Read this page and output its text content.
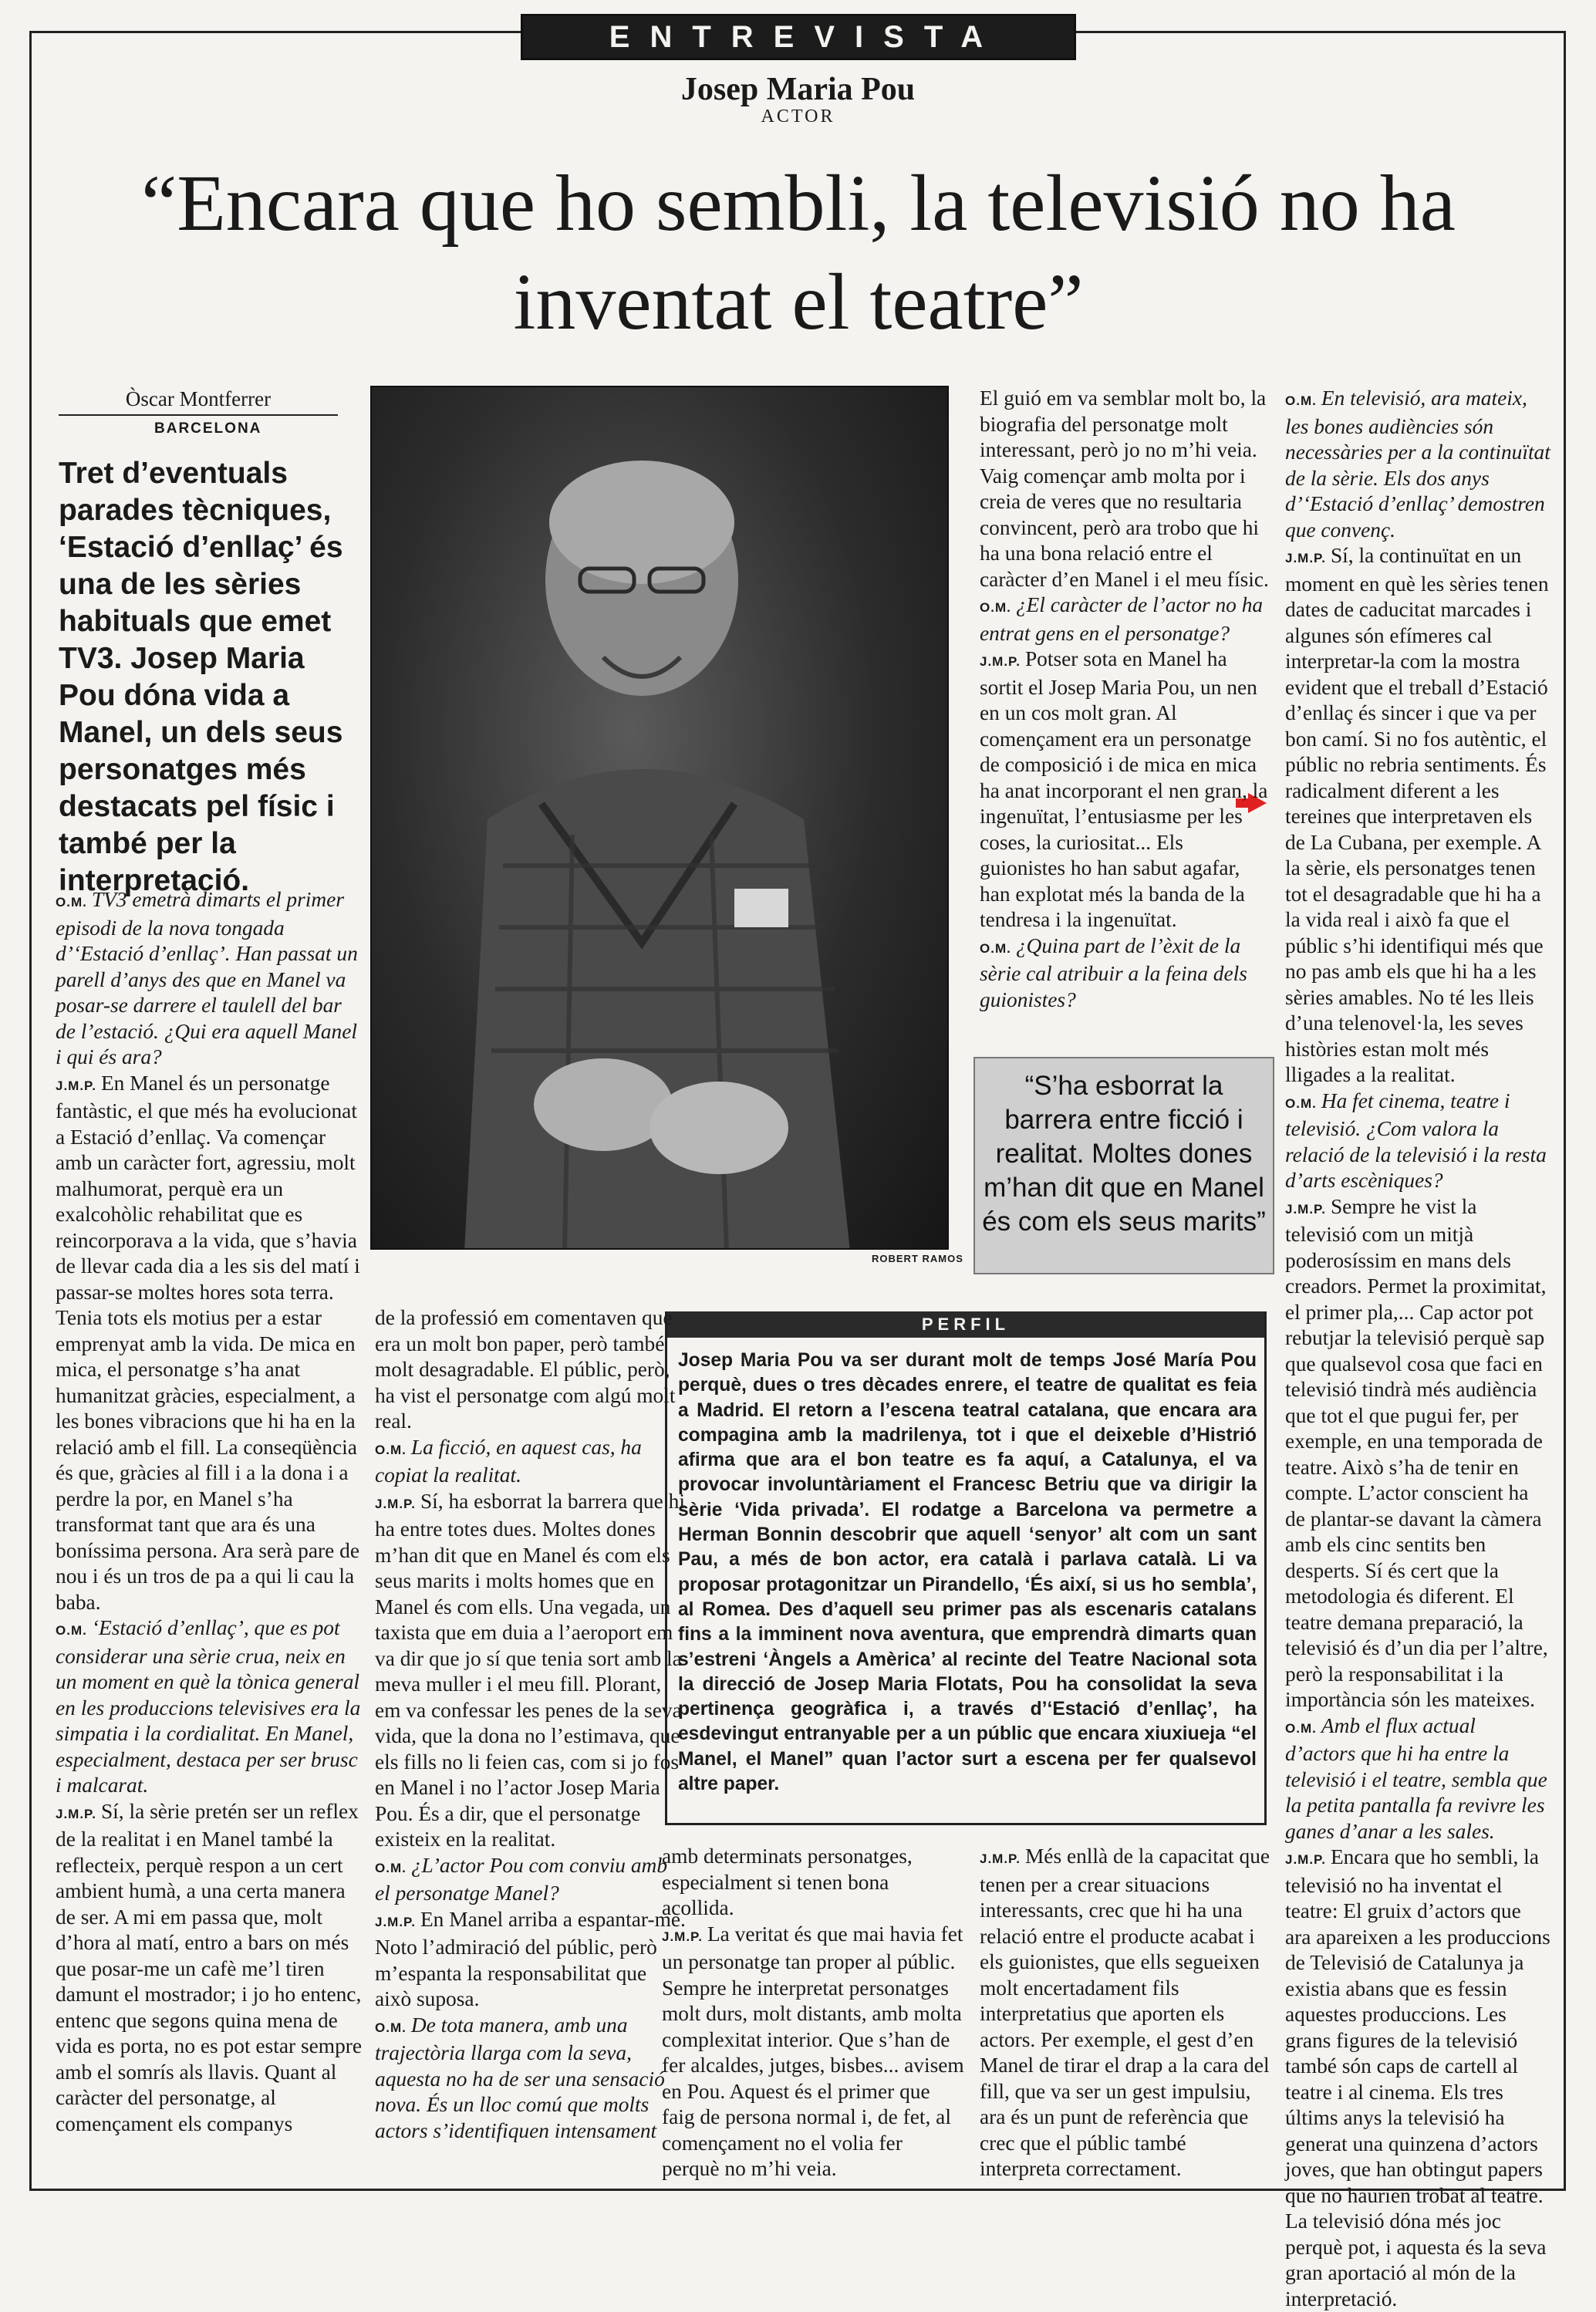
ENTREVISTA
Josep Maria Pou
ACTOR
“Encara que ho sembli, la televisió no ha inventat el teatre”
Òscar Montferrer
BARCELONA
Tret d’eventuals parades tècniques, ‘Estació d’enllaç’ és una de les sèries habituals que emet TV3. Josep Maria Pou dóna vida a Manel, un dels seus personatges més destacats pel físic i també per la interpretació.
ROBERT RAMOS
“S’ha esborrat la barrera entre ficció i realitat. Moltes dones m’han dit que en Manel és com els seus marits”
PERFIL
Josep Maria Pou va ser durant molt de temps José María Pou perquè, dues o tres dècades enrere, el teatre de qualitat es feia a Madrid. El retorn a l’escena teatral catalana, que encara ara compagina amb la madrilenya, tot i que el deixeble d’Histrió afirma que ara el bon teatre es fa aquí, a Catalunya, el va provocar involuntàriament el Francesc Betriu que va dirigir la sèrie ‘Vida privada’. El rodatge a Barcelona va permetre a Herman Bonnin descobrir que aquell ‘senyor’ alt com un sant Pau, a més de bon actor, era català i parlava català. Li va proposar protagonitzar un Pirandello, ‘És així, si us ho sembla’, al Romea. Des d’aquell seu primer pas als escenaris catalans fins a la imminent nova aventura, que emprendrà dimarts quan s’estreni ‘Àngels a Amèrica’ al recinte del Teatre Nacional sota la direcció de Josep Maria Flotats, Pou ha consolidat la seva pertinença geogràfica i, a través d’‘Estació d’enllaç’, ha esdevingut entranyable per a un públic que encara xiuxiueja “el Manel, el Manel” quan l’actor surt a escena per fer qualsevol altre paper.

O.M. TV3 emetrà dimarts el primer episodi de la nova tongada d’‘Estació d’enllaç’. Han passat un parell d’anys des que en Manel va posar-se darrere el taulell del bar de l’estació. ¿Qui era aquell Manel i qui és ara?

J.M.P. En Manel és un personatge fantàstic, el que més ha evolucionat a Estació d’enllaç. Va començar amb un caràcter fort, agressiu, molt malhumorat, perquè era un exalcohòlic rehabilitat que es reincorporava a la vida, que s’havia de llevar cada dia a les sis del matí i passar-se moltes hores sota terra. Tenia tots els motius per a estar emprenyat amb la vida. De mica en mica, el personatge s’ha anat humanitzat gràcies, especialment, a les bones vibracions que hi ha en la relació amb el fill. La conseqüència és que, gràcies al fill i a la dona i a perdre la por, en Manel s’ha transformat tant que ara és una boníssima persona. Ara serà pare de nou i és un tros de pa a qui li cau la baba.

O.M. ‘Estació d’enllaç’, que es pot considerar una sèrie crua, neix en un moment en què la tònica general en les produccions televisives era la simpatia i la cordialitat. En Manel, especialment, destaca per ser brusc i malcarat.

J.M.P. Sí, la sèrie pretén ser un reflex de la realitat i en Manel també la reflecteix, perquè respon a un cert ambient humà, a una certa manera de ser. A mi em passa que, molt d’hora al matí, entro a bars on més que posar-me un cafè me’l tiren damunt el mostrador; i jo ho entenc, entenc que segons quina mena de vida es porta, no es pot estar sempre amb el somrís als llavis. Quant al caràcter del personatge, al començament els companys

de la professió em comentaven que era un molt bon paper, però també molt desagradable. El públic, però, ha vist el personatge com algú molt real.

O.M. La ficció, en aquest cas, ha copiat la realitat.

J.M.P. Sí, ha esborrat la barrera que hi ha entre totes dues. Moltes dones m’han dit que en Manel és com els seus marits i molts homes que en Manel és com ells. Una vegada, un taxista que em duia a l’aeroport em va dir que jo sí que tenia sort amb la meva muller i el meu fill. Plorant, em va confessar les penes de la seva vida, que la dona no l’estimava, que els fills no li feien cas, com si jo fos en Manel i no l’actor Josep Maria Pou. És a dir, que el personatge existeix en la realitat.

O.M. ¿L’actor Pou com conviu amb el personatge Manel?

J.M.P. En Manel arriba a espantar-me. Noto l’admiració del públic, però m’espanta la responsabilitat que això suposa.

O.M. De tota manera, amb una trajectòria llarga com la seva, aquesta no ha de ser una sensació nova. És un lloc comú que molts actors s’identifiquen intensament

El guió em va semblar molt bo, la biografia del personatge molt interessant, però jo no m’hi veia. Vaig començar amb molta por i creia de veres que no resultaria convincent, però ara trobo que hi ha una bona relació entre el caràcter d’en Manel i el meu físic.

O.M. ¿El caràcter de l’actor no ha entrat gens en el personatge?

J.M.P. Potser sota en Manel ha sortit el Josep Maria Pou, un nen en un cos molt gran. Al començament era un personatge de composició i de mica en mica ha anat incorporant el nen gran, la ingenuïtat, l’entusiasme per les coses, la curiositat... Els guionistes ho han sabut agafar, han explotat més la banda de la tendresa i la ingenuïtat.

O.M. ¿Quina part de l’èxit de la sèrie cal atribuir a la feina dels guionistes?

O.M. En televisió, ara mateix, les bones audiències són necessàries per a la continuïtat de la sèrie. Els dos anys d’‘Estació d’enllaç’ demostren que convenç.

J.M.P. Sí, la continuïtat en un moment en què les sèries tenen dates de caducitat marcades i algunes són efímeres cal interpretar-la com la mostra evident que el treball d’Estació d’enllaç és sincer i que va per bon camí. Si no fos autèntic, el públic no rebria sentiments. És radicalment diferent a les tereines que interpretaven els de La Cubana, per exemple. A la sèrie, els personatges tenen tot el desagradable que hi ha a la vida real i això fa que el públic s’hi identifiqui més que no pas amb els que hi ha a les sèries amables. No té les lleis d’una telenovel·la, les seves històries estan molt més lligades a la realitat.

O.M. Ha fet cinema, teatre i televisió. ¿Com valora la relació de la televisió i la resta d’arts escèniques?

J.M.P. Sempre he vist la televisió com un mitjà poderosíssim en mans dels creadors. Permet la proximitat, el primer pla,... Cap actor pot rebutjar la televisió perquè sap que qualsevol cosa que faci en televisió tindrà més audiència que tot el que pugui fer, per exemple, en una temporada de teatre. Això s’ha de tenir en compte. L’actor conscient ha de plantar-se davant la càmera amb els cinc sentits ben desperts. Sí és cert que la metodologia és diferent. El teatre demana preparació, la televisió és d’un dia per l’altre, però la responsabilitat i la importància són les mateixes.

O.M. Amb el flux actual d’actors que hi ha entre la televisió i el teatre, sembla que la petita pantalla fa revivre les ganes d’anar a les sales.

J.M.P. Encara que ho sembli, la televisió no ha inventat el teatre: El gruix d’actors que ara apareixen a les produccions de Televisió de Catalunya ja existia abans que es fessin aquestes produccions. Les grans figures de la televisió també són caps de cartell al teatre i al cinema. Els tres últims anys la televisió ha generat una quinzena d’actors joves, que han obtingut papers que no haurien trobat al teatre. La televisió dóna més joc perquè pot, i aquesta és la seva gran aportació al món de la interpretació.

amb determinats personatges, especialment si tenen bona acollida.

J.M.P. La veritat és que mai havia fet un personatge tan proper al públic. Sempre he interpretat personatges molt durs, molt distants, amb molta complexitat interior. Que s’han de fer alcaldes, jutges, bisbes... avisem en Pou. Aquest és el primer que faig de persona normal i, de fet, al començament no el volia fer perquè no m’hi veia.

J.M.P. Més enllà de la capacitat que tenen per a crear situacions interessants, crec que hi ha una relació entre el producte acabat i els guionistes, que ells segueixen molt encertadament fils interpretatius que aporten els actors. Per exemple, el gest d’en Manel de tirar el drap a la cara del fill, que va ser un gest impulsiu, ara és un punt de referència que crec que el públic també interpreta correctament.
